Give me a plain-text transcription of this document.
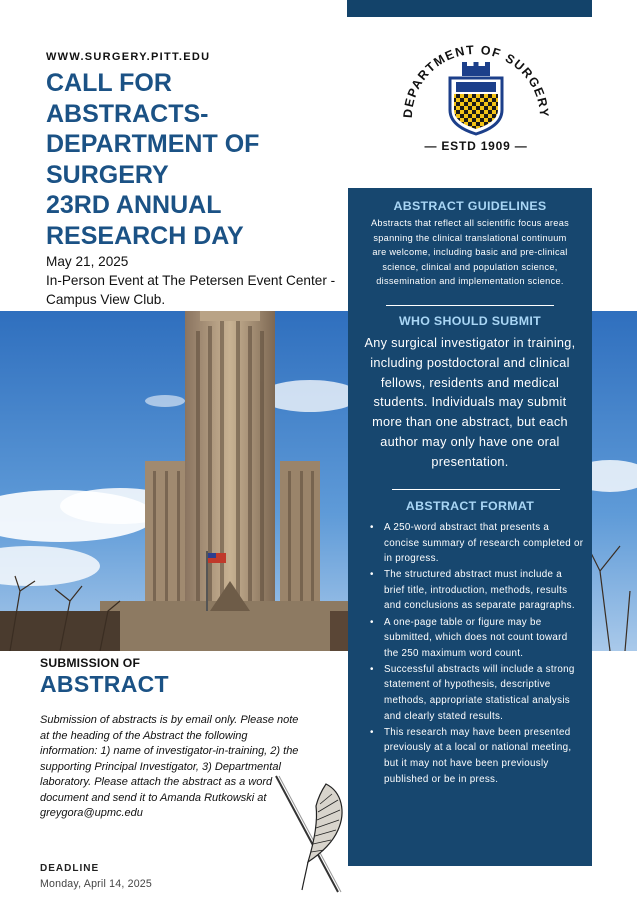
WWW.SURGERY.PITT.EDU
CALL FOR
ABSTRACTS-
DEPARTMENT OF
SURGERY
23RD ANNUAL
RESEARCH DAY
May 21, 2025
In-Person Event at The Petersen Event Center - Campus View Club.
DEPARTMENT OF SURGERY
— ESTD 1909 —
ABSTRACT GUIDELINES
Abstracts that reflect all scientific focus areas spanning the clinical translational continuum are welcome, including basic and pre-clinical science, clinical and population science, dissemination and implementation science.
WHO SHOULD SUBMIT
Any surgical investigator in training, including postdoctoral and clinical fellows, residents and medical students. Individuals may submit more than one abstract, but each author may only have one oral presentation.
ABSTRACT FORMAT
• A 250-word abstract that presents a concise summary of research completed or in progress.
• The structured abstract must include a brief title, introduction, methods, results and conclusions as separate paragraphs.
• A one-page table or figure may be submitted, which does not count toward the 250 maximum word count.
• Successful abstracts will include a strong statement of hypothesis, descriptive methods, appropriate statistical analysis and clearly stated results.
• This research may have been presented previously at a local or national meeting, but it may not have been previously published or be in press.
SUBMISSION OF
ABSTRACT
Submission of abstracts is by email only. Please note at the heading of the Abstract the following information: 1) name of investigator-in-training, 2) the supporting Principal Investigator, 3) Departmental laboratory. Please attach the abstract as a word document and send it to Amanda Rutkowski at greygora@upmc.edu
DEADLINE
Monday, April 14, 2025
